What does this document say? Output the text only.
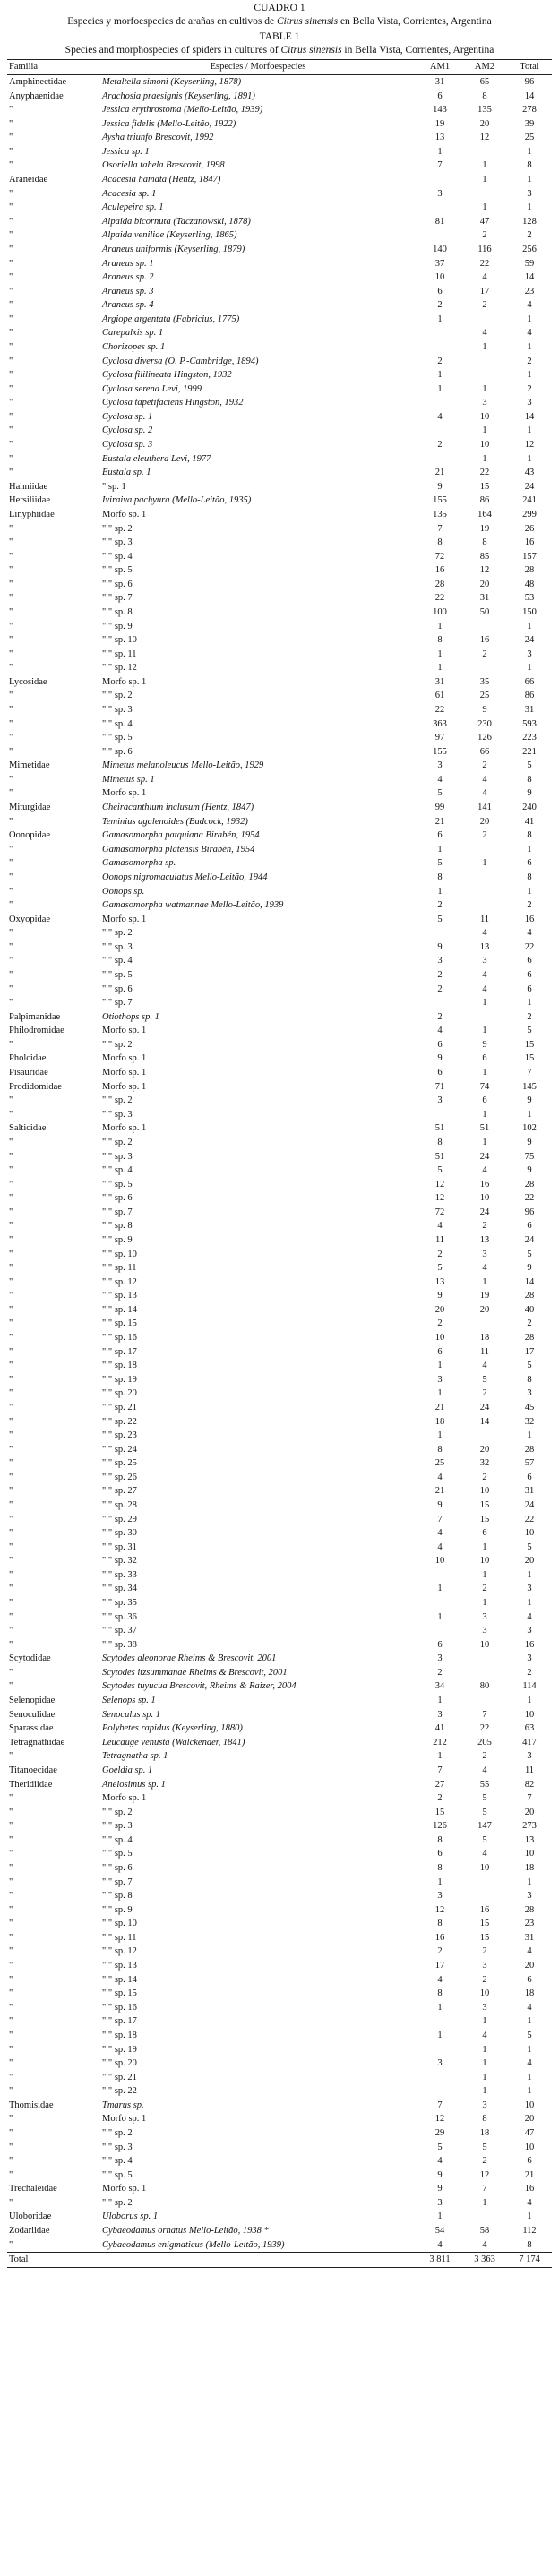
CUADRO 1
Especies y morfoespecies de arañas en cultivos de Citrus sinensis en Bella Vista, Corrientes, Argentina
TABLE 1
Species and morphospecies of spiders in cultures of Citrus sinensis in Bella Vista, Corrientes, Argentina
Familia	Especies / Morfoespecies	AM1	AM2	Total
Amphinectidae	Metaltella simoni (Keyserling, 1878)	31	65	96
Anyphaenidae	Arachosia praesignis (Keyserling, 1891)	6	8	14
"	Jessica erythrostoma (Mello-Leitão, 1939)	143	135	278
"	Jessica fidelis (Mello-Leitão, 1922)	19	20	39
"	Aysha triunfo Brescovit, 1992	13	12	25
"	Jessica sp. 1	1		1
"	Osoriella tahela Brescovit, 1998	7	1	8
Araneidae	Acacesia hamata (Hentz, 1847)		1	1
"	Acacesia sp. 1	3		3
"	Aculepeira sp. 1		1	1
"	Alpaida bicornuta (Taczanowski, 1878)	81	47	128
"	Alpaida veniliae (Keyserling, 1865)		2	2
"	Araneus uniformis (Keyserling, 1879)	140	116	256
"	Araneus sp. 1	37	22	59
"	Araneus sp. 2	10	4	14
"	Araneus sp. 3	6	17	23
"	Araneus sp. 4	2	2	4
"	Argiope argentata (Fabricius, 1775)	1		1
"	Carepalxis sp. 1		4	4
"	Chorizopes sp. 1		1	1
"	Cyclosa diversa (O. P.-Cambridge, 1894)	2		2
"	Cyclosa fililineata Hingston, 1932	1		1
"	Cyclosa serena Levi, 1999	1	1	2
"	Cyclosa tapetifaciens Hingston, 1932		3	3
"	Cyclosa sp. 1	4	10	14
"	Cyclosa sp. 2		1	1
"	Cyclosa sp. 3	2	10	12
"	Eustala eleuthera Levi, 1977		1	1
"	Eustala sp. 1	21	22	43
Hahniidae	" sp. 1	9	15	24
Hersiliidae	Iviraiva pachyura (Mello-Leitão, 1935)	155	86	241
Linyphiidae	Morfo sp. 1	135	164	299
"	" " sp. 2	7	19	26
"	" " sp. 3	8	8	16
"	" " sp. 4	72	85	157
"	" " sp. 5	16	12	28
"	" " sp. 6	28	20	48
"	" " sp. 7	22	31	53
"	" " sp. 8	100	50	150
"	" " sp. 9	1		1
"	" " sp. 10	8	16	24
"	" " sp. 11	1	2	3
"	" " sp. 12	1		1
Lycosidae	Morfo sp. 1	31	35	66
"	" " sp. 2	61	25	86
"	" " sp. 3	22	9	31
"	" " sp. 4	363	230	593
"	" " sp. 5	97	126	223
"	" " sp. 6	155	66	221
Mimetidae	Mimetus melanoleucus Mello-Leitão, 1929	3	2	5
"	Mimetus sp. 1	4	4	8
"	Morfo sp. 1	5	4	9
Miturgidae	Cheiracanthium inclusum (Hentz, 1847)	99	141	240
"	Teminius agalenoides (Badcock, 1932)	21	20	41
Oonopidae	Gamasomorpha patquiana Birabén, 1954	6	2	8
"	Gamasomorpha platensis Birabén, 1954	1		1
"	Gamasomorpha sp.	5	1	6
"	Oonops nigromaculatus Mello-Leitão, 1944	8		8
"	Oonops sp.	1		1
"	Gamasomorpha watmannae Mello-Leitão, 1939	2		2
Oxyopidae	Morfo sp. 1	5	11	16
"	" " sp. 2		4	4
"	" " sp. 3	9	13	22
"	" " sp. 4	3	3	6
"	" " sp. 5	2	4	6
"	" " sp. 6	2	4	6
"	" " sp. 7		1	1
Palpimanidae	Otiothops sp. 1	2		2
Philodromidae	Morfo sp. 1	4	1	5
"	" " sp. 2	6	9	15
Pholcidae	Morfo sp. 1	9	6	15
Pisauridae	Morfo sp. 1	6	1	7
Prodidomidae	Morfo sp. 1	71	74	145
"	" " sp. 2	3	6	9
"	" " sp. 3		1	1
Salticidae	Morfo sp. 1	51	51	102
"	" " sp. 2	8	1	9
"	" " sp. 3	51	24	75
"	" " sp. 4	5	4	9
"	" " sp. 5	12	16	28
"	" " sp. 6	12	10	22
"	" " sp. 7	72	24	96
"	" " sp. 8	4	2	6
"	" " sp. 9	11	13	24
"	" " sp. 10	2	3	5
"	" " sp. 11	5	4	9
"	" " sp. 12	13	1	14
"	" " sp. 13	9	19	28
"	" " sp. 14	20	20	40
"	" " sp. 15	2		2
"	" " sp. 16	10	18	28
"	" " sp. 17	6	11	17
"	" " sp. 18	1	4	5
"	" " sp. 19	3	5	8
"	" " sp. 20	1	2	3
"	" " sp. 21	21	24	45
"	" " sp. 22	18	14	32
"	" " sp. 23	1		1
"	" " sp. 24	8	20	28
"	" " sp. 25	25	32	57
"	" " sp. 26	4	2	6
"	" " sp. 27	21	10	31
"	" " sp. 28	9	15	24
"	" " sp. 29	7	15	22
"	" " sp. 30	4	6	10
"	" " sp. 31	4	1	5
"	" " sp. 32	10	10	20
"	" " sp. 33		1	1
"	" " sp. 34	1	2	3
"	" " sp. 35		1	1
"	" " sp. 36	1	3	4
"	" " sp. 37		3	3
"	" " sp. 38	6	10	16
Scytodidae	Scytodes aleonorae Rheims & Brescovit, 2001	3		3
"	Scytodes itzsummanae Rheims & Brescovit, 2001	2		2
"	Scytodes tuyucua Brescovit, Rheims & Raizer, 2004	34	80	114
Selenopidae	Selenops sp. 1	1		1
Senoculidae	Senoculus sp. 1	3	7	10
Sparassidae	Polybetes rapidus (Keyserling, 1880)	41	22	63
Tetragnathidae	Leucauge venusta (Walckenaer, 1841)	212	205	417
"	Tetragnatha sp. 1	1	2	3
Titanoecidae	Goeldia sp. 1	7	4	11
Theridiidae	Anelosimus sp. 1	27	55	82
"	Morfo sp. 1	2	5	7
"	" " sp. 2	15	5	20
"	" " sp. 3	126	147	273
"	" " sp. 4	8	5	13
"	" " sp. 5	6	4	10
"	" " sp. 6	8	10	18
"	" " sp. 7	1		1
"	" " sp. 8	3		3
"	" " sp. 9	12	16	28
"	" " sp. 10	8	15	23
"	" " sp. 11	16	15	31
"	" " sp. 12	2	2	4
"	" " sp. 13	17	3	20
"	" " sp. 14	4	2	6
"	" " sp. 15	8	10	18
"	" " sp. 16	1	3	4
"	" " sp. 17		1	1
"	" " sp. 18	1	4	5
"	" " sp. 19		1	1
"	" " sp. 20	3	1	4
"	" " sp. 21		1	1
"	" " sp. 22		1	1
Thomisidae	Tmarus sp.	7	3	10
"	Morfo sp. 1	12	8	20
"	" " sp. 2	29	18	47
"	" " sp. 3	5	5	10
"	" " sp. 4	4	2	6
"	" " sp. 5	9	12	21
Trechaleidae	Morfo sp. 1	9	7	16
"	" " sp. 2	3	1	4
Uloboridae	Uloborus sp. 1	1		1
Zodariidae	Cybaeodamus ornatus Mello-Leitão, 1938 *	54	58	112
"	Cybaeodamus enigmaticus (Mello-Leitão, 1939)	4	4	8
Total		3 811	3 363	7 174
